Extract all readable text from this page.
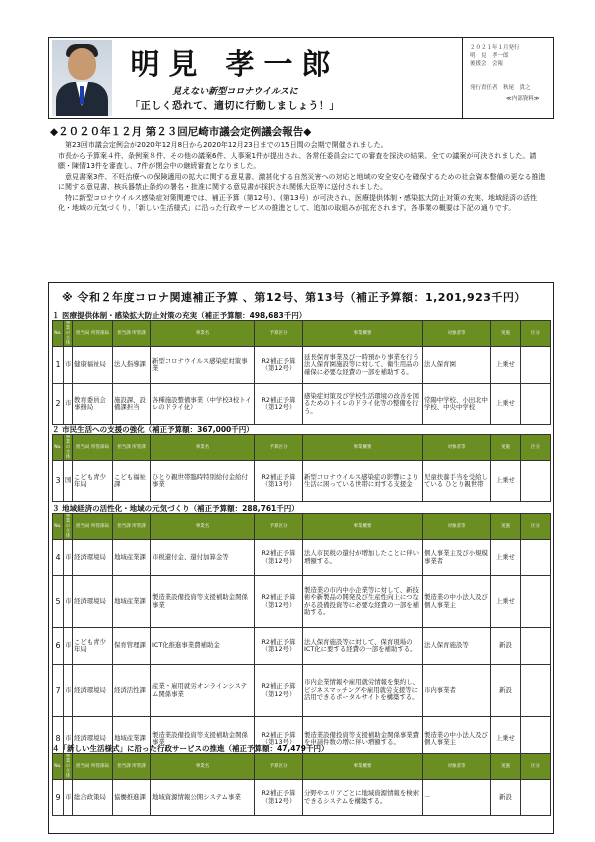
明見 孝一郎
見えない新型コロナウイルスに
「正しく恐れて、適切に行動しましょう！」
２０２１年１月発行
明　見　孝一郎
後援会　会報
発行責任者　秋尾　貴之
≪内部資料≫
◆２０２０年１２月 第２３回尼崎市議会定例議会報告◆

第23回市議会定例会が2020年12月8日から2020年12月23日までの15日間の会期で開催されました。

市長から予算案４件、条例案８件、その他の議案6件、人事案1件が提出され、各常任委員会にての審査を採決の結果、全ての議案が可決されました。請願・陳情13件を審査し、7件が閉会中の継続審査となりました。

意見書案3件、不妊治療への保険適用の拡大に関する意見書、激甚化する自然災害への対応と地域の安全安心を確保するための社会資本整備の更なる推進に関する意見書、核兵器禁止条約の署名・批准に関する意見書が採択され関係大臣等に送付されました。

特に新型コロナウイルス感染症対策関連では、補正予算（第12号）、(第13号）が可決され、医療提供体制・感染拡大防止対策の充実、地域経済の活性化・地域の元気づくり、「新しい生活様式」に沿った行政サービスの推進として、追加の取組みが拡充されます。各事業の概要は下記の通りです。

※ 令和２年度コロナ関連補正予算 、第12号、第13号（補正予算額：1,201,923千円）
１ 医療提供体制・感染拡大防止対策の充実（補正予算額：498,683千円）
No.	事業の主体	担当局 所管部局	担当課 所管課	事業名	予算区分	事業概要	対象者等	実施	区分
1	市	健康福祉局	法人指導課	新型コロナウイルス感染症対策事業	R2補正予算（第12号）	延長保育事業及び一時預かり事業を行う法人保育園施設等に対して、衛生用品の確保に必要な経費の一部を補助する。	法人保育園	上乗せ	
2	市	教育委員会事務局	施設課、設備課担当	各種施設整備事業（中学校3校トイレのドライ化）	R2補正予算（第12号）	感染症対策及び学校生活環境の改善を図るためのトイレのドライ化等の整備を行う。	常陽中学校、小田北中学校、中央中学校	上乗せ	
２ 市民生活への支援の強化（補正予算額：367,000千円）
No.	事業の主体	担当局 所管部局	担当課 所管課	事業名	予算区分	事業概要	対象者等	実施	区分
3	国	こども青少年局	こども福祉課	ひとり親世帯臨時特別給付金給付事業	R2補正予算（第13号）	新型コロナウイルス感染症の影響により生活に困っている世帯に対する支援金	児童扶養手当を受給している ひとり親世帯	上乗せ	
３ 地域経済の活性化・地域の元気づくり（補正予算額：288,761千円）
No.	事業の主体	担当局 所管部局	担当課 所管課	事業名	予算区分	事業概要	対象者等	実施	区分
4	市	経済環境局	地域産業課	市税還付金、還付加算金等	R2補正予算（第12号）	法人市民税の還付が増加したことに伴い増額する。	個人事業主及び小規模事業者	上乗せ	
5	市	経済環境局	地域産業課	製造業設備投資等支援補助金関係事業	R2補正予算（第12号）	製造業の市内中小企業等に対して、新技術や新製品の開発及び生産性向上につながる設備投資等に必要な経費の一部を補助する。	製造業の中小法人及び個人事業主	上乗せ	
6	市	こども青少年局	保育管理課	ICT化推進事業費補助金	R2補正予算（第12号）	法人保育施設等に対して、保育現場のICT化に要する経費の一部を補助する。	法人保育施設等	新設	
7	市	経済環境局	経済活性課	産業・雇用就労オンラインシステム関係事業	R2補正予算（第12号）	市内企業情報や雇用就労情報を集約し、ビジネスマッチングや雇用就労支援等に活用できるポータルサイトを構築する。	市内事業者	新設	
8	市	経済環境局	地域産業課	製造業設備投資等支援補助金関係事業	R2補正予算（第13号）	製造業設備投資等支援補助金関係事業費を申請件数の増に伴い増額する。	製造業の中小法人及び個人事業主	上乗せ	
４「新しい生活様式」に沿った行政サービスの推進（補正予算額：47,479千円）
No.	事業の主体	担当局 所管部局	担当課 所管課	事業名	予算区分	事業概要	対象者等	実施	区分
9	市	総合政策局	協働推進課	地域資源情報公開システム事業	R2補正予算（第12号）	分野やエリアごとに地域資源情報を検索できるシステムを構築する。	－	新設	
